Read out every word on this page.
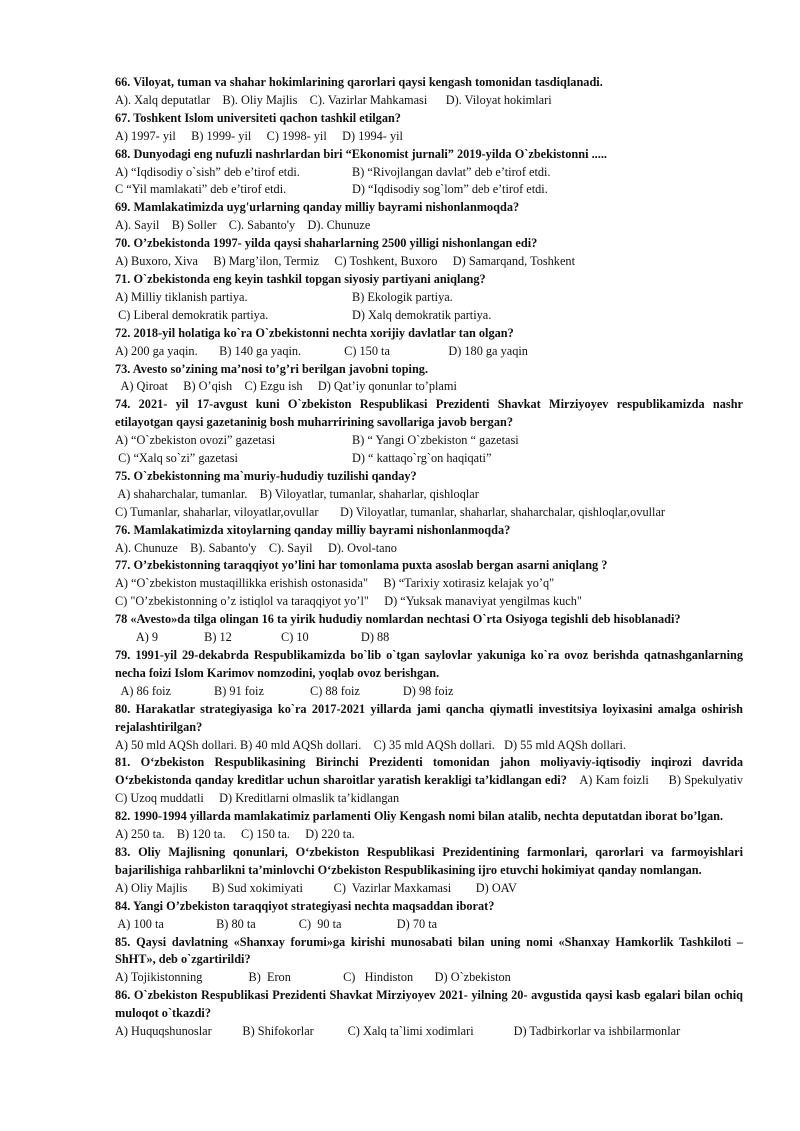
66. Viloyat, tuman va shahar hokimlarining qarorlari qaysi kengash tomonidan tasdiqlanadi.
A). Xalq deputatlar    B). Oliy Majlis    C). Vazirlar Mahkamasi      D). Viloyat hokimlari
67. Toshkent Islom universiteti qachon tashkil etilgan?
A) 1997- yil     B) 1999- yil     C) 1998- yil     D) 1994- yil
68. Dunyodagi eng nufuzli nashrlardan biri “Ekonomist jurnali” 2019-yilda O`zbekistonni .....
A) “Iqdisodiy o`sish” deb e’tirof etdi.	B) “Rivojlangan davlat” deb e’tirof etdi.
C “Yil mamlakati” deb e’tirof etdi.	D) “Iqdisodiy sog`lom” deb e’tirof etdi.
69. Mamlakatimizda uyg'urlarning qanday milliy bayrami nishonlanmoqda?
A). Sayil    B) Soller    C). Sabantо'y    D). Chunuze
70. O’zbekistonda 1997- yilda qaysi shaharlarning 2500 yilligi nishonlangan edi?
A) Buxoro, Xiva     B) Marg’ilon, Termiz     C) Toshkent, Buxoro     D) Samarqand, Toshkent
71. O`zbekistonda eng keyin tashkil topgan siyosiy partiyani aniqlang?
A) Milliy tiklanish partiya.	B) Ekologik partiya.
C) Liberal demokratik partiya.	D) Xalq demokratik partiya.
72. 2018-yil holatiga ko`ra O`zbekistonni nechta xorijiy davlatlar tan olgan?
A) 200 ga yaqin.       B) 140 ga yaqin.              C) 150 ta                   D) 180 ga yaqin
73. Avesto so’zining ma’nosi to’g’ri berilgan javobni toping.
A) Qiroat     B) O’qish    C) Ezgu ish     D) Qat’iy qonunlar to’plami
74. 2021- yil 17-avgust kuni O`zbekiston Respublikasi Prezidenti Shavkat Mirziyoyev respublikamizda nashr etilayotgan qaysi gazetaninig bosh muharririning savollariga javob bergan?
A) “O`zbekiston ovozi” gazetasi	B) “ Yangi O`zbekiston “ gazetasi
C) “Xalq so`zi” gazetasi	D) “ kattaqo`rg`on haqiqati”
75. O`zbekistonning ma`muriy-hududiy tuzilishi qanday?
A) shaharchalar, tumanlar.    B) Viloyatlar, tumanlar, shaharlar, qishloqlar
C) Tumanlar, shaharlar, viloyatlar,ovullar       D) Viloyatlar, tumanlar, shaharlar, shaharchalar, qishloqlar,ovullar
76. Mamlakatimizda xitoylarning qanday milliy bayrami nishonlanmoqda?
A). Chunuze    B). Sabantо'y    C). Sayil     D). Ovol-tano
77. O’zbekistonning taraqqiyot yo’lini har tomonlama puxta asoslab bergan asarni aniqlang ?
A) “O`zbekiston mustaqillikka erishish ostonasida"     B) “Tarixiy xotirasiz kelajak yo’q"
C) "O’zbekistonning o’z istiqlol va taraqqiyot yo’l"     D) “Yuksak manaviyat yengilmas kuch"
78 «Avesto»da tilga olingan 16 ta yirik hududiy nomlardan nechtasi O`rta Osiyoga tegishli deb hisoblanadi?
A) 9               B) 12                C) 10                 D) 88
79. 1991-yil 29-dekabrda Respublikamizda bo`lib o`tgan saylovlar yakuniga ko`ra ovoz berishda qatnashganlarning necha foizi Islom Karimov nomzodini, yoqlab ovoz berishgan.
A) 86 foiz              B) 91 foiz               C) 88 foiz              D) 98 foiz
80. Harakatlar strategiyasiga ko`ra 2017-2021 yillarda jami qancha qiymatli investitsiya loyixasini amalga oshirish rejalashtirilgan?
A) 50 mld AQSh dollari. B) 40 mld AQSh dollari.    C) 35 mld AQSh dollari.   D) 55 mld AQSh dollari.
81. O‘zbekiston Respublikasining Birinchi Prezidenti tomonidan jahon moliyaviy-iqtisodiy inqirozi davrida O‘zbekistonda qanday kreditlar uchun sharoitlar yaratish kerakligi ta’kidlangan edi?    A) Kam foizli      B) Spekulyativ    C) Uzoq muddatli     D) Kreditlarni olmaslik ta’kidlangan
82. 1990-1994 yillarda mamlakatimiz parlamenti Oliy Kengash nomi bilan atalib, nechta deputatdan iborat bo’lgan.
A) 250 ta.    B) 120 ta.     C) 150 ta.     D) 220 ta.
83. Oliy Majlisning qonunlari, O‘zbekiston Respublikasi Prezidentining farmonlari, qarorlari va farmoyishlari bajarilishiga rahbarlikni ta’minlovchi O‘zbekiston Respublikasining ijro etuvchi hokimiyat qanday nomlangan.
A) Oliy Majlis        B) Sud xokimiyati          C)  Vazirlar Maxkamasi        D) OAV
84. Yangi O’zbekiston taraqqiyot strategiyasi nechta maqsaddan iborat?
A) 100 ta                 B) 80 ta              C)  90 ta                  D) 70 ta
85. Qaysi davlatning «Shanxay forumi»ga kirishi munosabati bilan uning nomi «Shanxay Hamkorlik Tashkiloti – ShHT», deb o`zgartirildi?
A) Tojikistonning               B)  Eron                 C)   Hindiston       D) O`zbekiston
86. O`zbekiston Respublikasi Prezidenti Shavkat Mirziyoyev 2021- yilning 20- avgustida qaysi kasb egalari bilan ochiq muloqot o`tkazdi?
A) Huquqshunoslar          B) Shifokorlar           C) Xalq ta`limi xodimlari             D) Tadbirkorlar va ishbilarmonlar
